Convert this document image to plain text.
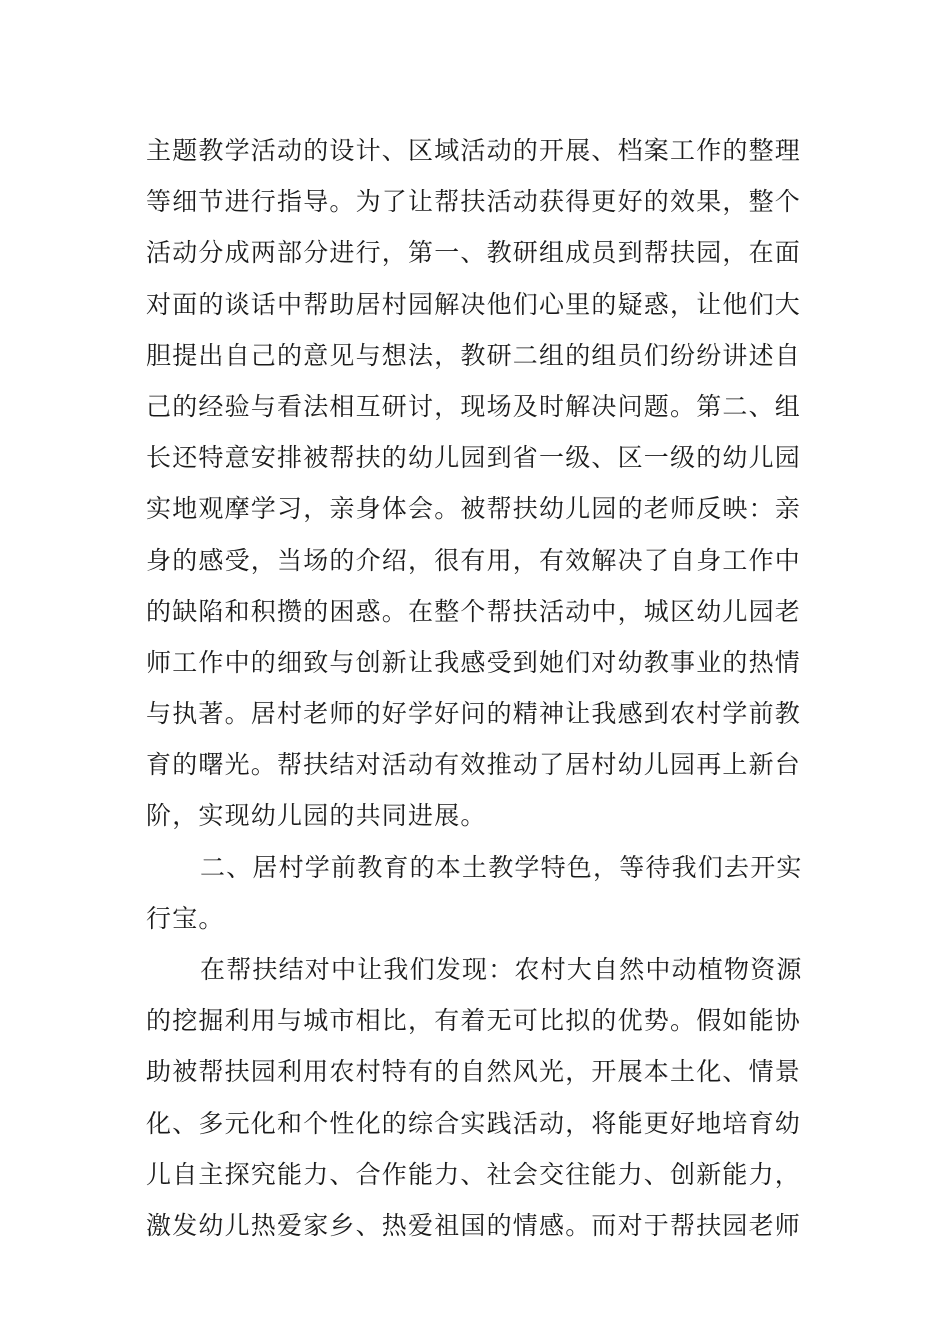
主题教学活动的设计、区域活动的开展、档案工作的整理
等细节进行指导。为了让帮扶活动获得更好的效果，整个
活动分成两部分进行，第一、教研组成员到帮扶园，在面
对面的谈话中帮助居村园解决他们心里的疑惑，让他们大
胆提出自己的意见与想法，教研二组的组员们纷纷讲述自
己的经验与看法相互研讨，现场及时解决问题。第二、组
长还特意安排被帮扶的幼儿园到省一级、区一级的幼儿园
实地观摩学习，亲身体会。被帮扶幼儿园的老师反映：亲
身的感受，当场的介绍，很有用，有效解决了自身工作中
的缺陷和积攒的困惑。在整个帮扶活动中，城区幼儿园老
师工作中的细致与创新让我感受到她们对幼教事业的热情
与执著。居村老师的好学好问的精神让我感到农村学前教
育的曙光。帮扶结对活动有效推动了居村幼儿园再上新台
阶，实现幼儿园的共同进展。
二、居村学前教育的本土教学特色，等待我们去开实
行宝。
在帮扶结对中让我们发现：农村大自然中动植物资源
的挖掘利用与城市相比，有着无可比拟的优势。假如能协
助被帮扶园利用农村特有的自然风光，开展本土化、情景
化、多元化和个性化的综合实践活动，将能更好地培育幼
儿自主探究能力、合作能力、社会交往能力、创新能力，
激发幼儿热爱家乡、热爱祖国的情感。而对于帮扶园老师
